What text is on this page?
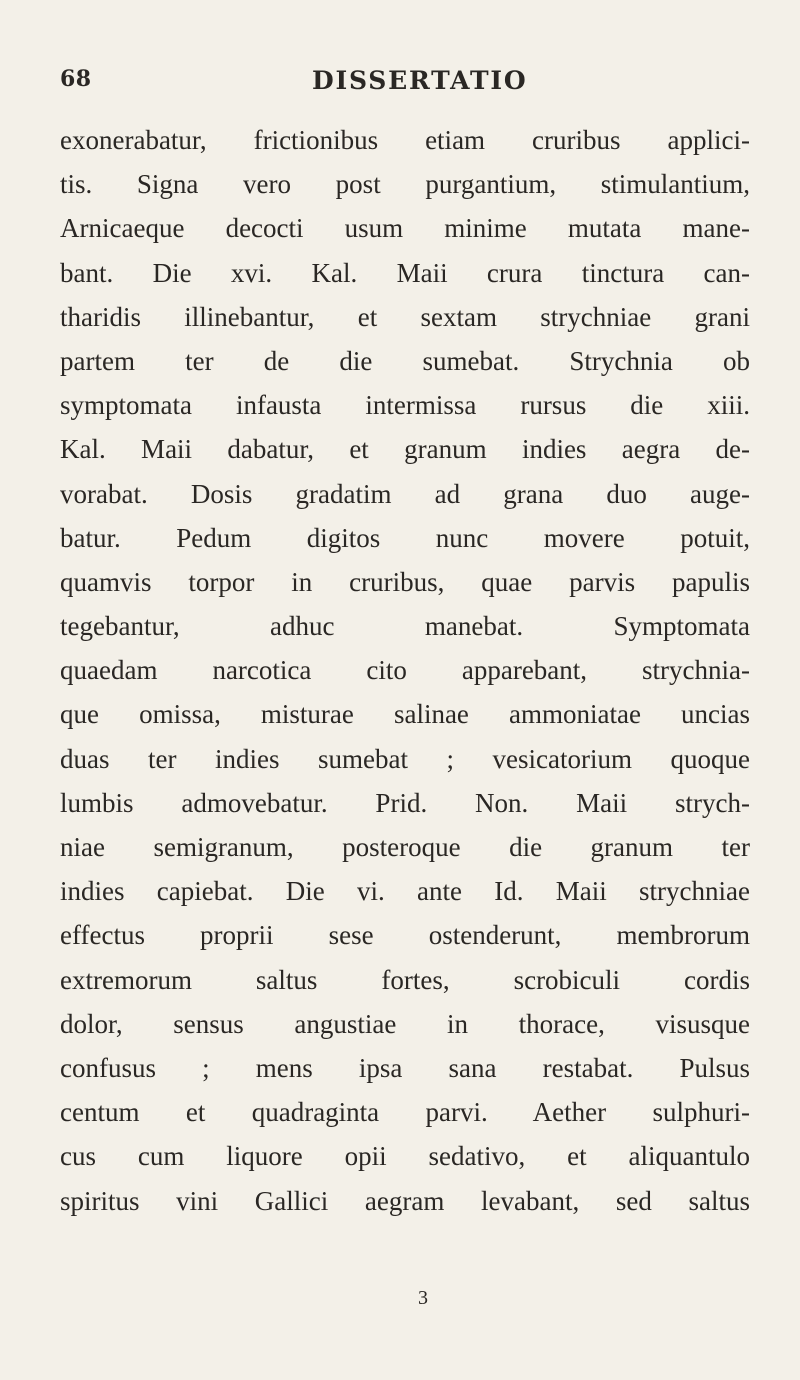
68	DISSERTATIO
exonerabatur, frictionibus etiam cruribus applici-
tis. Signa vero post purgantium, stimulantium,
Arnicaeque decocti usum minime mutata mane-
bant. Die xvi. Kal. Maii crura tinctura can-
tharidis illinebantur, et sextam strychniae grani
partem ter de die sumebat. Strychnia ob
symptomata infausta intermissa rursus die xiii.
Kal. Maii dabatur, et granum indies aegra de-
vorabat. Dosis gradatim ad grana duo auge-
batur. Pedum digitos nunc movere potuit,
quamvis torpor in cruribus, quae parvis papulis
tegebantur, adhuc manebat. Symptomata
quaedam narcotica cito apparebant, strychnia-
que omissa, misturae salinae ammoniatae uncias
duas ter indies sumebat ; vesicatorium quoque
lumbis admovebatur. Prid. Non. Maii strych-
niae semigranum, posteroque die granum ter
indies capiebat. Die vi. ante Id. Maii strychniae
effectus proprii sese ostenderunt, membrorum
extremorum saltus fortes, scrobiculi cordis
dolor, sensus angustiae in thorace, visusque
confusus ; mens ipsa sana restabat. Pulsus
centum et quadraginta parvi. Aether sulphuri-
cus cum liquore opii sedativo, et aliquantulo
spiritus vini Gallici aegram levabant, sed saltus
3
